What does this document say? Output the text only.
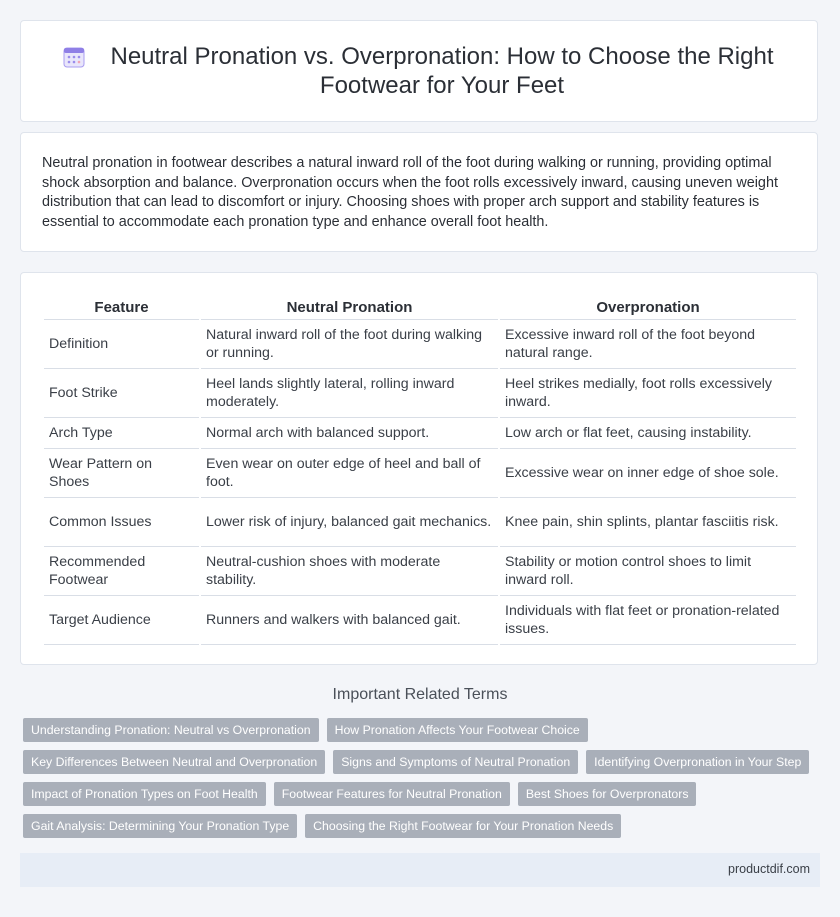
Neutral Pronation vs. Overpronation: How to Choose the Right Footwear for Your Feet

Neutral pronation in footwear describes a natural inward roll of the foot during walking or running, providing optimal shock absorption and balance. Overpronation occurs when the foot rolls excessively inward, causing uneven weight distribution that can lead to discomfort or injury. Choosing shoes with proper arch support and stability features is essential to accommodate each pronation type and enhance overall foot health.

Feature	Neutral Pronation	Overpronation
Definition	Natural inward roll of the foot during walking or running.	Excessive inward roll of the foot beyond natural range.
Foot Strike	Heel lands slightly lateral, rolling inward moderately.	Heel strikes medially, foot rolls excessively inward.
Arch Type	Normal arch with balanced support.	Low arch or flat feet, causing instability.
Wear Pattern on Shoes	Even wear on outer edge of heel and ball of foot.	Excessive wear on inner edge of shoe sole.
Common Issues	Lower risk of injury, balanced gait mechanics.	Knee pain, shin splints, plantar fasciitis risk.
Recommended Footwear	Neutral-cushion shoes with moderate stability.	Stability or motion control shoes to limit inward roll.
Target Audience	Runners and walkers with balanced gait.	Individuals with flat feet or pronation-related issues.
Important Related Terms
Understanding Pronation: Neutral vs Overpronation	How Pronation Affects Your Footwear Choice
Key Differences Between Neutral and Overpronation	Signs and Symptoms of Neutral Pronation	Identifying Overpronation in Your Step
Impact of Pronation Types on Foot Health	Footwear Features for Neutral Pronation	Best Shoes for Overpronators
Gait Analysis: Determining Your Pronation Type	Choosing the Right Footwear for Your Pronation Needs
productdif.com
